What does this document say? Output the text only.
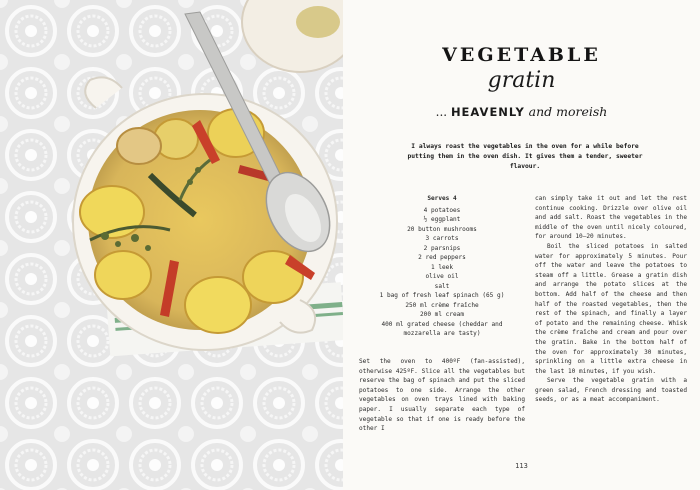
VEGETABLE
gratin
... HEAVENLY and moreish
I always roast the vegetables in the oven for a while before putting them in the oven dish. It gives them a tender, sweeter flavour.
Serves 4
4 potatoes
½ eggplant
20 button mushrooms
3 carrots
2 parsnips
2 red peppers
1 leek
olive oil
salt
1 bag of fresh leaf spinach (65 g)
250 ml crème fraîche
200 ml cream
400 ml grated cheese (cheddar and
mozzarella are tasty)
Set the oven to 400ºF (fan-assisted), otherwise 425ºF. Slice all the vegetables but reserve the bag of spinach and put the sliced potatoes to one side. Arrange the other vegetables on oven trays lined with baking paper. I usually separate each type of vegetable so that if one is ready before the other I

can simply take it out and let the rest continue cooking. Drizzle over olive oil and add salt. Roast the vegetables in the middle of the oven until nicely coloured, for around 10–20 minutes.

Boil the sliced potatoes in salted water for approximately 5 minutes. Pour off the water and leave the potatoes to steam off a little. Grease a gratin dish and arrange the potato slices at the bottom. Add half of the cheese and then half of the roasted vegetables, then the rest of the spinach, and finally a layer of potato and the remaining cheese. Whisk the crème fraîche and cream and pour over the gratin. Bake in the bottom half of the oven for approximately 30 minutes, sprinkling on a little extra cheese in the last 10 minutes, if you wish.

Serve the vegetable gratin with a green salad, French dressing and toasted seeds, or as a meat accompaniment.

113
